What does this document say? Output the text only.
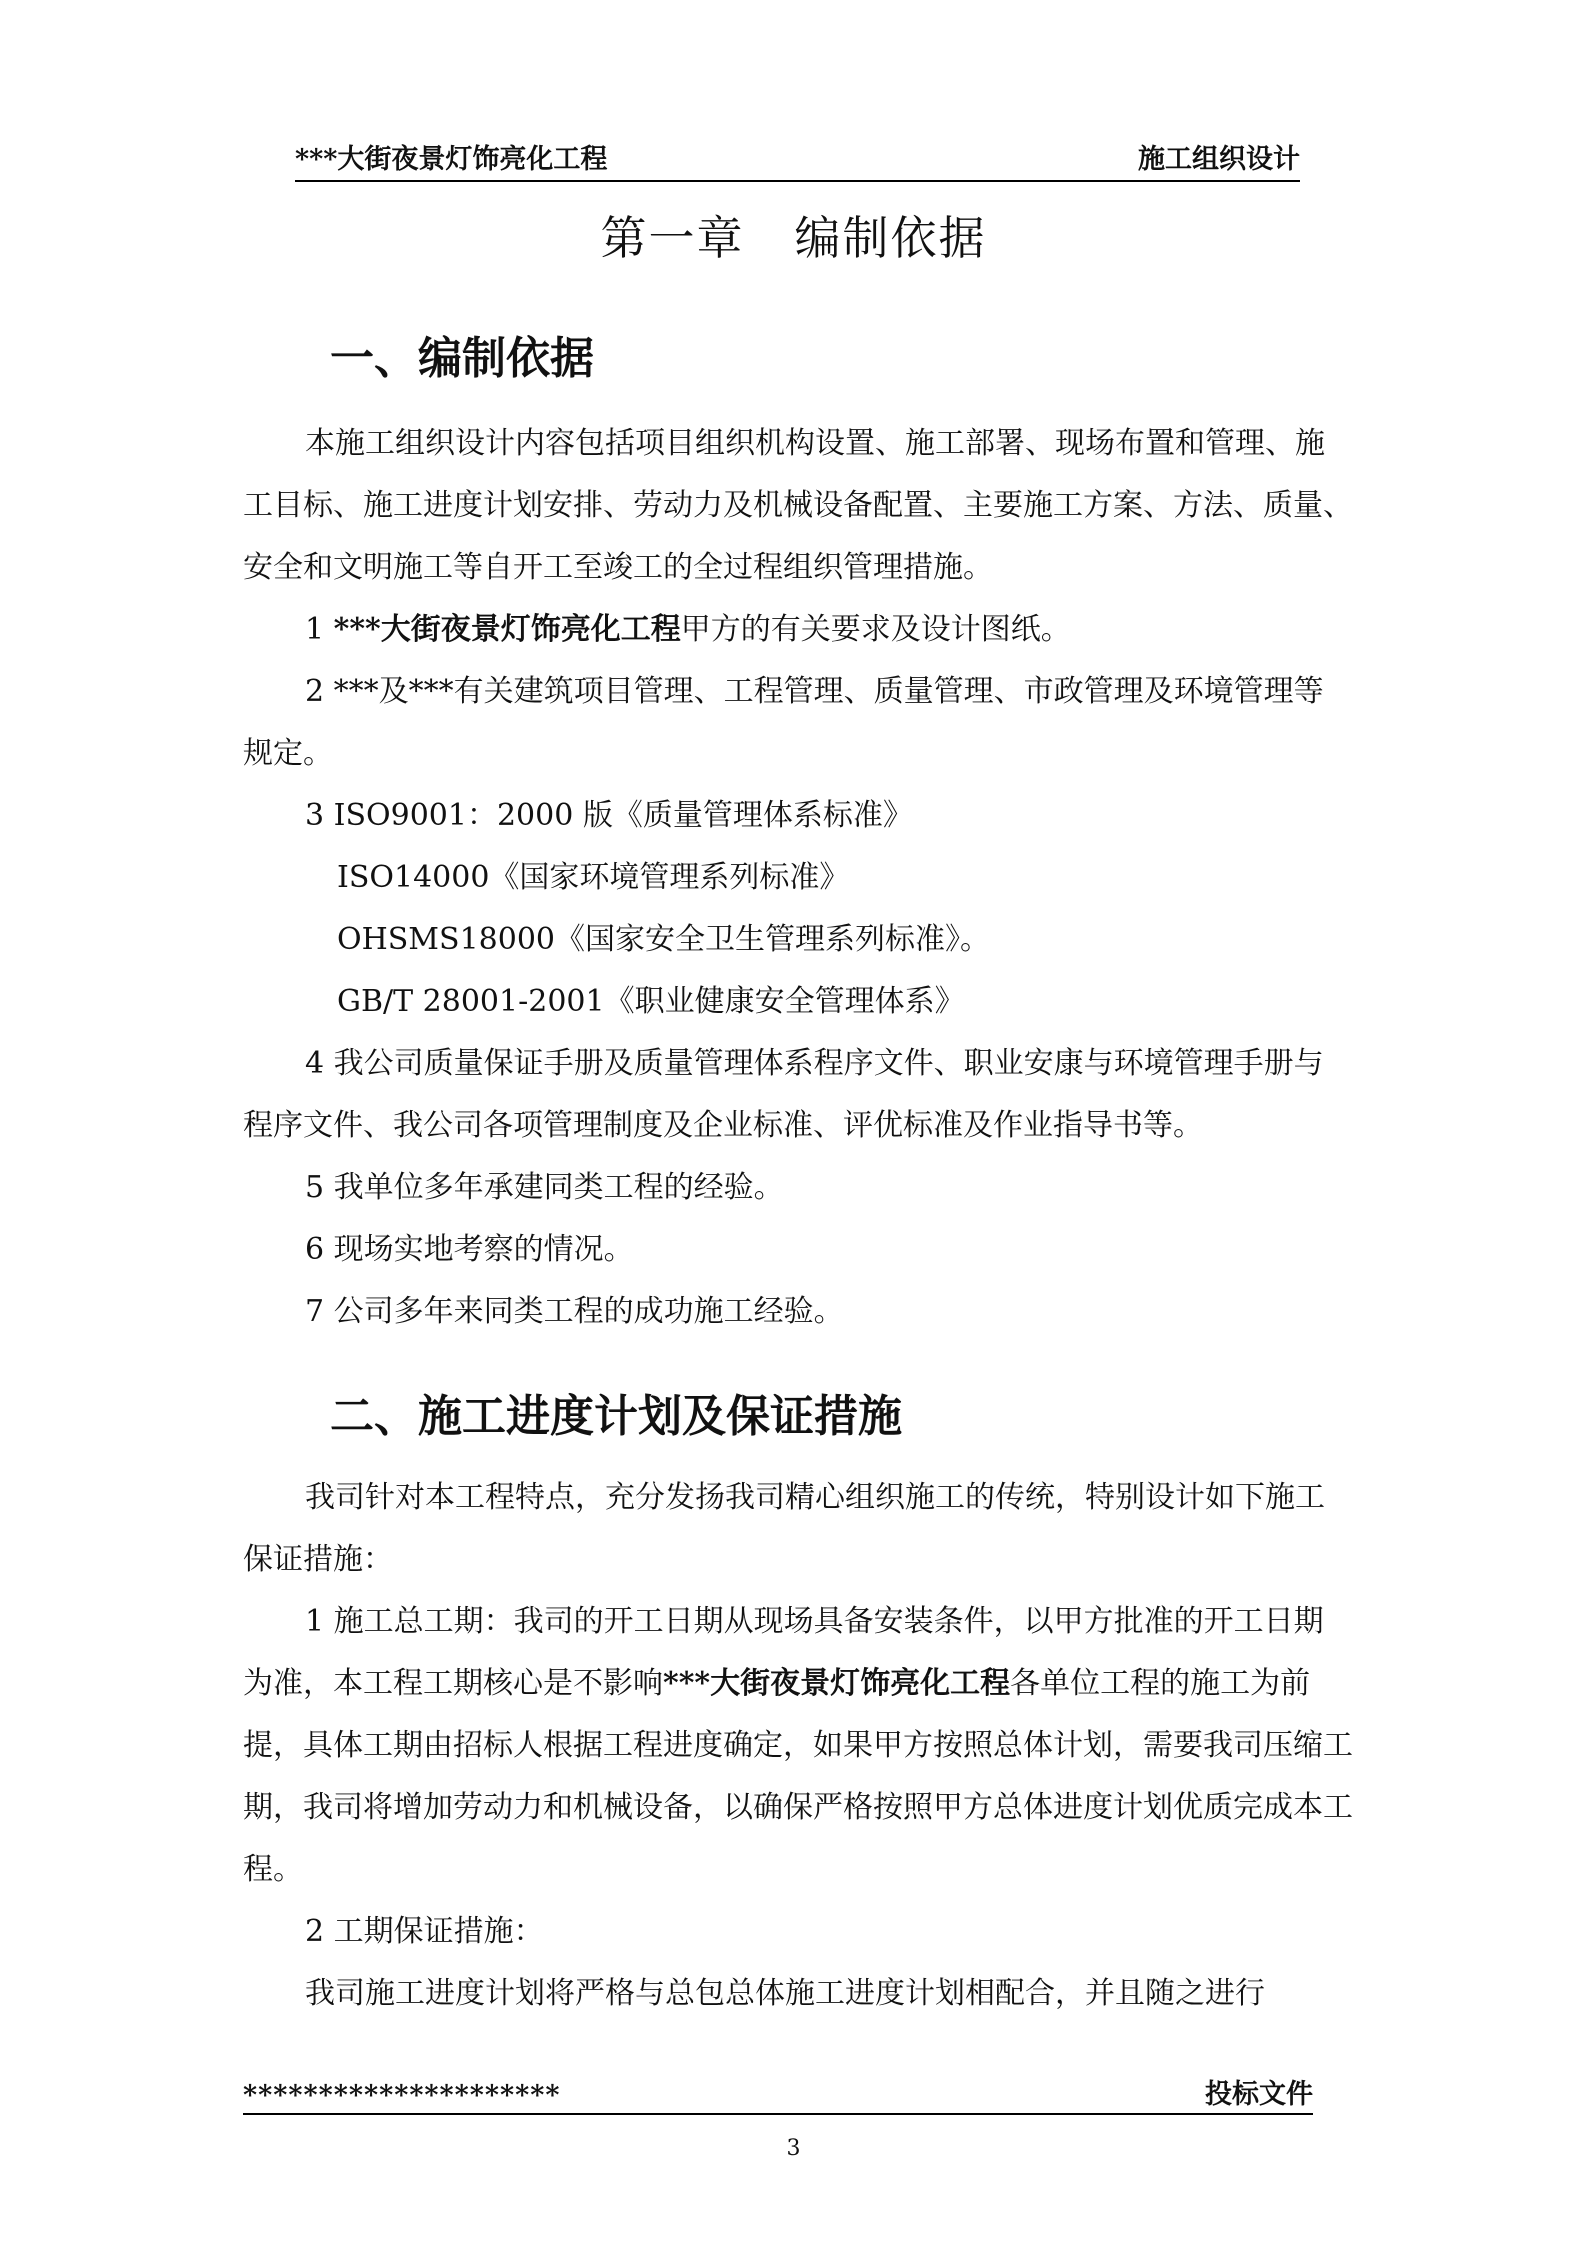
***大街夜景灯饰亮化工程	施工组织设计
第一章 编制依据
一、编制依据

本施工组织设计内容包括项目组织机构设置、施工部署、现场布置和管理、施工目标、施工进度计划安排、劳动力及机械设备配置、主要施工方案、方法、质量、安全和文明施工等自开工至竣工的全过程组织管理措施。

1 ***大街夜景灯饰亮化工程甲方的有关要求及设计图纸。

2 ***及***有关建筑项目管理、工程管理、质量管理、市政管理及环境管理等规定。

3 ISO9001：2000 版《质量管理体系标准》

ISO14000《国家环境管理系列标准》

OHSMS18000《国家安全卫生管理系列标准》。

GB/T 28001-2001《职业健康安全管理体系》

4 我公司质量保证手册及质量管理体系程序文件、职业安康与环境管理手册与程序文件、我公司各项管理制度及企业标准、评优标准及作业指导书等。

5 我单位多年承建同类工程的经验。

6 现场实地考察的情况。

7 公司多年来同类工程的成功施工经验。

二、施工进度计划及保证措施

我司针对本工程特点，充分发扬我司精心组织施工的传统，特别设计如下施工保证措施：

1 施工总工期：我司的开工日期从现场具备安装条件，以甲方批准的开工日期为准，本工程工期核心是不影响***大街夜景灯饰亮化工程各单位工程的施工为前提，具体工期由招标人根据工程进度确定，如果甲方按照总体计划，需要我司压缩工期，我司将增加劳动力和机械设备，以确保严格按照甲方总体进度计划优质完成本工程。

2 工期保证措施：

我司施工进度计划将严格与总包总体施工进度计划相配合，并且随之进行

*********************	投标文件
3
